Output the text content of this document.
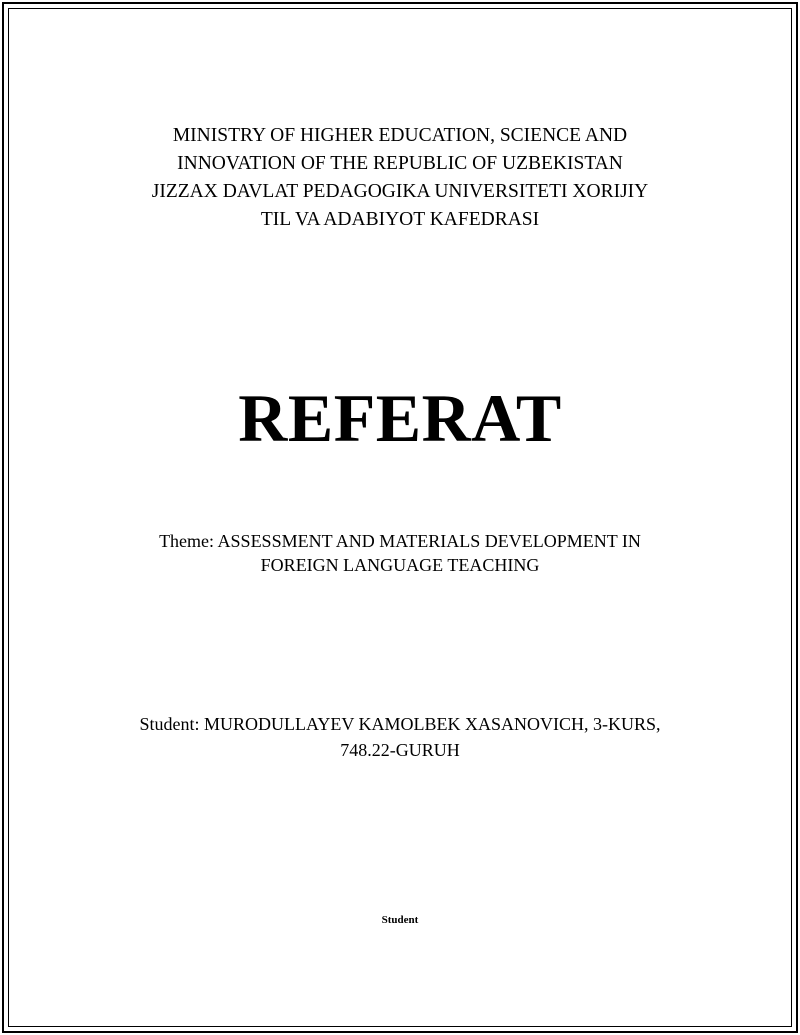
MINISTRY OF HIGHER EDUCATION, SCIENCE AND
INNOVATION OF THE REPUBLIC OF UZBEKISTAN
JIZZAX DAVLAT PEDAGOGIKA UNIVERSITETI XORIJIY
TIL VA ADABIYOT KAFEDRASI
REFERAT
Theme: ASSESSMENT AND MATERIALS DEVELOPMENT IN
FOREIGN LANGUAGE TEACHING
Student: MURODULLAYEV KAMOLBEK XASANOVICH, 3-KURS,
748.22-GURUH
Student
